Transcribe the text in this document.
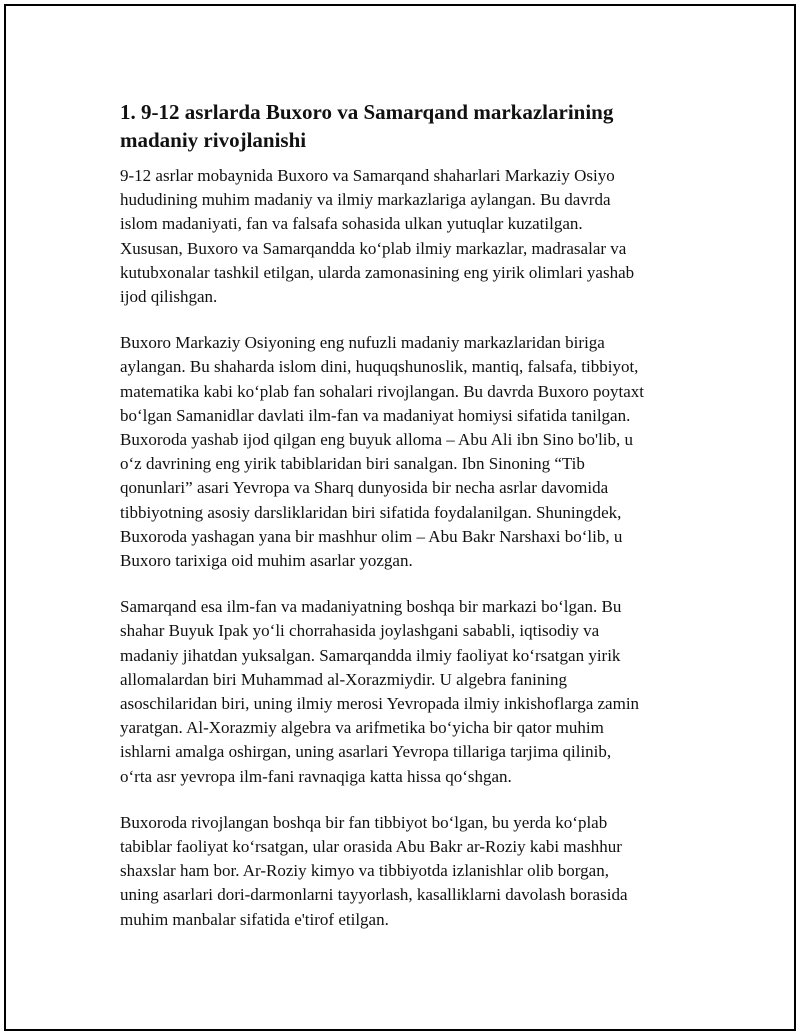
1. 9-12 asrlarda Buxoro va Samarqand markazlarining madaniy rivojlanishi

9-12 asrlar mobaynida Buxoro va Samarqand shaharlari Markaziy Osiyo
hududining muhim madaniy va ilmiy markazlariga aylangan. Bu davrda
islom madaniyati, fan va falsafa sohasida ulkan yutuqlar kuzatilgan.
Xususan, Buxoro va Samarqandda koʻplab ilmiy markazlar, madrasalar va
kutubxonalar tashkil etilgan, ularda zamonasining eng yirik olimlari yashab
ijod qilishgan.

Buxoro Markaziy Osiyoning eng nufuzli madaniy markazlaridan biriga
aylangan. Bu shaharda islom dini, huquqshunoslik, mantiq, falsafa, tibbiyot,
matematika kabi koʻplab fan sohalari rivojlangan. Bu davrda Buxoro poytaxt
boʻlgan Samanidlar davlati ilm-fan va madaniyat homiysi sifatida tanilgan.
Buxoroda yashab ijod qilgan eng buyuk alloma – Abu Ali ibn Sino bo'lib, u
oʻz davrining eng yirik tabiblaridan biri sanalgan. Ibn Sinoning “Tib
qonunlari” asari Yevropa va Sharq dunyosida bir necha asrlar davomida
tibbiyotning asosiy darsliklaridan biri sifatida foydalanilgan. Shuningdek,
Buxoroda yashagan yana bir mashhur olim – Abu Bakr Narshaxi boʻlib, u
Buxoro tarixiga oid muhim asarlar yozgan.

Samarqand esa ilm-fan va madaniyatning boshqa bir markazi boʻlgan. Bu
shahar Buyuk Ipak yoʻli chorrahasida joylashgani sababli, iqtisodiy va
madaniy jihatdan yuksalgan. Samarqandda ilmiy faoliyat koʻrsatgan yirik
allomalardan biri Muhammad al-Xorazmiydir. U algebra fanining
asoschilaridan biri, uning ilmiy merosi Yevropada ilmiy inkishoflarga zamin
yaratgan. Al-Xorazmiy algebra va arifmetika boʻyicha bir qator muhim
ishlarni amalga oshirgan, uning asarlari Yevropa tillariga tarjima qilinib,
oʻrta asr yevropa ilm-fani ravnaqiga katta hissa qoʻshgan.

Buxoroda rivojlangan boshqa bir fan tibbiyot boʻlgan, bu yerda koʻplab
tabiblar faoliyat koʻrsatgan, ular orasida Abu Bakr ar-Roziy kabi mashhur
shaxslar ham bor. Ar-Roziy kimyo va tibbiyotda izlanishlar olib borgan,
uning asarlari dori-darmonlarni tayyorlash, kasalliklarni davolash borasida
muhim manbalar sifatida e'tirof etilgan.
